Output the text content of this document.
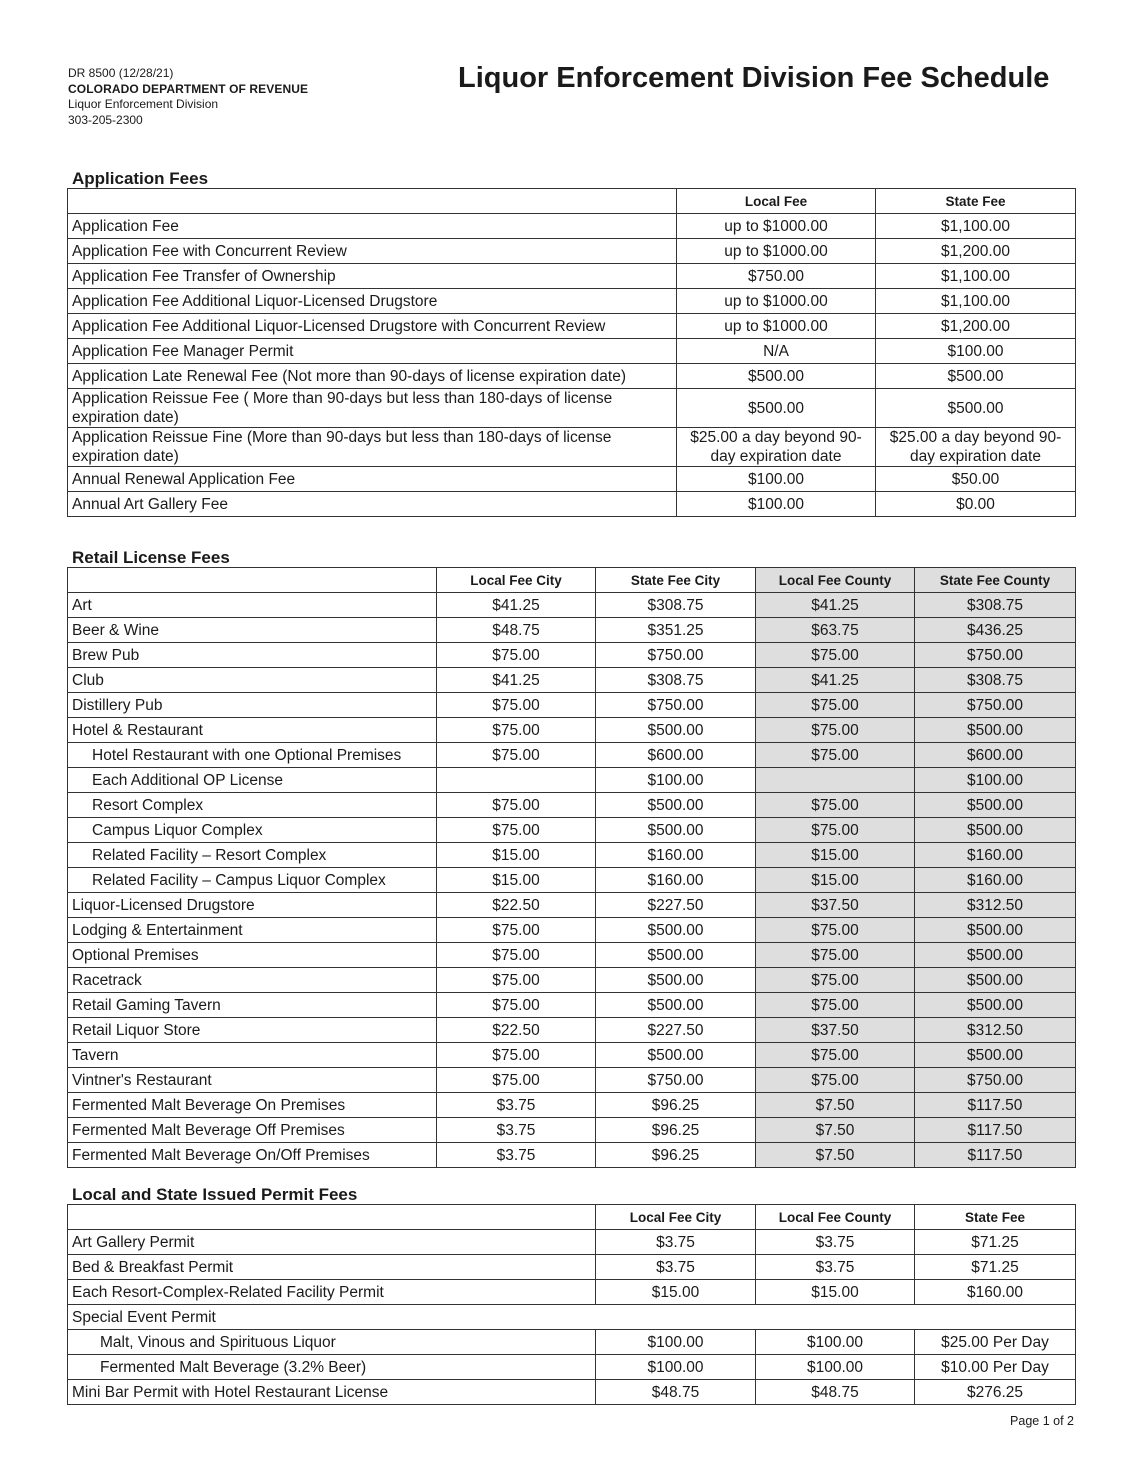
DR 8500 (12/28/21)
COLORADO DEPARTMENT OF REVENUE
Liquor Enforcement Division
303-205-2300
Liquor Enforcement Division Fee Schedule
Application Fees
	Local Fee	State Fee
Application Fee	up to $1000.00	$1,100.00
Application Fee with Concurrent Review	up to $1000.00	$1,200.00
Application Fee Transfer of Ownership	$750.00	$1,100.00
Application Fee Additional Liquor-Licensed Drugstore	up to $1000.00	$1,100.00
Application Fee Additional Liquor-Licensed Drugstore with Concurrent Review	up to $1000.00	$1,200.00
Application Fee Manager Permit	N/A	$100.00
Application Late Renewal Fee (Not more than 90-days of license expiration date)	$500.00	$500.00
Application Reissue Fee ( More than 90-days but less than 180-days of license expiration date)	$500.00	$500.00
Application Reissue Fine (More than 90-days but less than 180-days of license expiration date)	$25.00 a day beyond 90-day expiration date	$25.00 a day beyond 90-day expiration date
Annual Renewal Application Fee	$100.00	$50.00
Annual Art Gallery Fee	$100.00	$0.00
Retail License Fees
	Local Fee City	State Fee City	Local Fee County	State Fee County
Art	$41.25	$308.75	$41.25	$308.75
Beer & Wine	$48.75	$351.25	$63.75	$436.25
Brew Pub	$75.00	$750.00	$75.00	$750.00
Club	$41.25	$308.75	$41.25	$308.75
Distillery Pub	$75.00	$750.00	$75.00	$750.00
Hotel & Restaurant	$75.00	$500.00	$75.00	$500.00
Hotel Restaurant with one Optional Premises	$75.00	$600.00	$75.00	$600.00
Each Additional OP License		$100.00		$100.00
Resort Complex	$75.00	$500.00	$75.00	$500.00
Campus Liquor Complex	$75.00	$500.00	$75.00	$500.00
Related Facility – Resort Complex	$15.00	$160.00	$15.00	$160.00
Related Facility – Campus Liquor Complex	$15.00	$160.00	$15.00	$160.00
Liquor-Licensed Drugstore	$22.50	$227.50	$37.50	$312.50
Lodging & Entertainment	$75.00	$500.00	$75.00	$500.00
Optional Premises	$75.00	$500.00	$75.00	$500.00
Racetrack	$75.00	$500.00	$75.00	$500.00
Retail Gaming Tavern	$75.00	$500.00	$75.00	$500.00
Retail Liquor Store	$22.50	$227.50	$37.50	$312.50
Tavern	$75.00	$500.00	$75.00	$500.00
Vintner's Restaurant	$75.00	$750.00	$75.00	$750.00
Fermented Malt Beverage On Premises	$3.75	$96.25	$7.50	$117.50
Fermented Malt Beverage Off Premises	$3.75	$96.25	$7.50	$117.50
Fermented Malt Beverage On/Off Premises	$3.75	$96.25	$7.50	$117.50
Local and State Issued Permit Fees
	Local Fee City	Local Fee County	State Fee
Art Gallery Permit	$3.75	$3.75	$71.25
Bed & Breakfast Permit	$3.75	$3.75	$71.25
Each Resort-Complex-Related Facility Permit	$15.00	$15.00	$160.00
Special Event Permit			
Malt, Vinous and Spirituous Liquor	$100.00	$100.00	$25.00 Per Day
Fermented Malt Beverage (3.2% Beer)	$100.00	$100.00	$10.00 Per Day
Mini Bar Permit with Hotel Restaurant License	$48.75	$48.75	$276.25
Page 1 of 2
